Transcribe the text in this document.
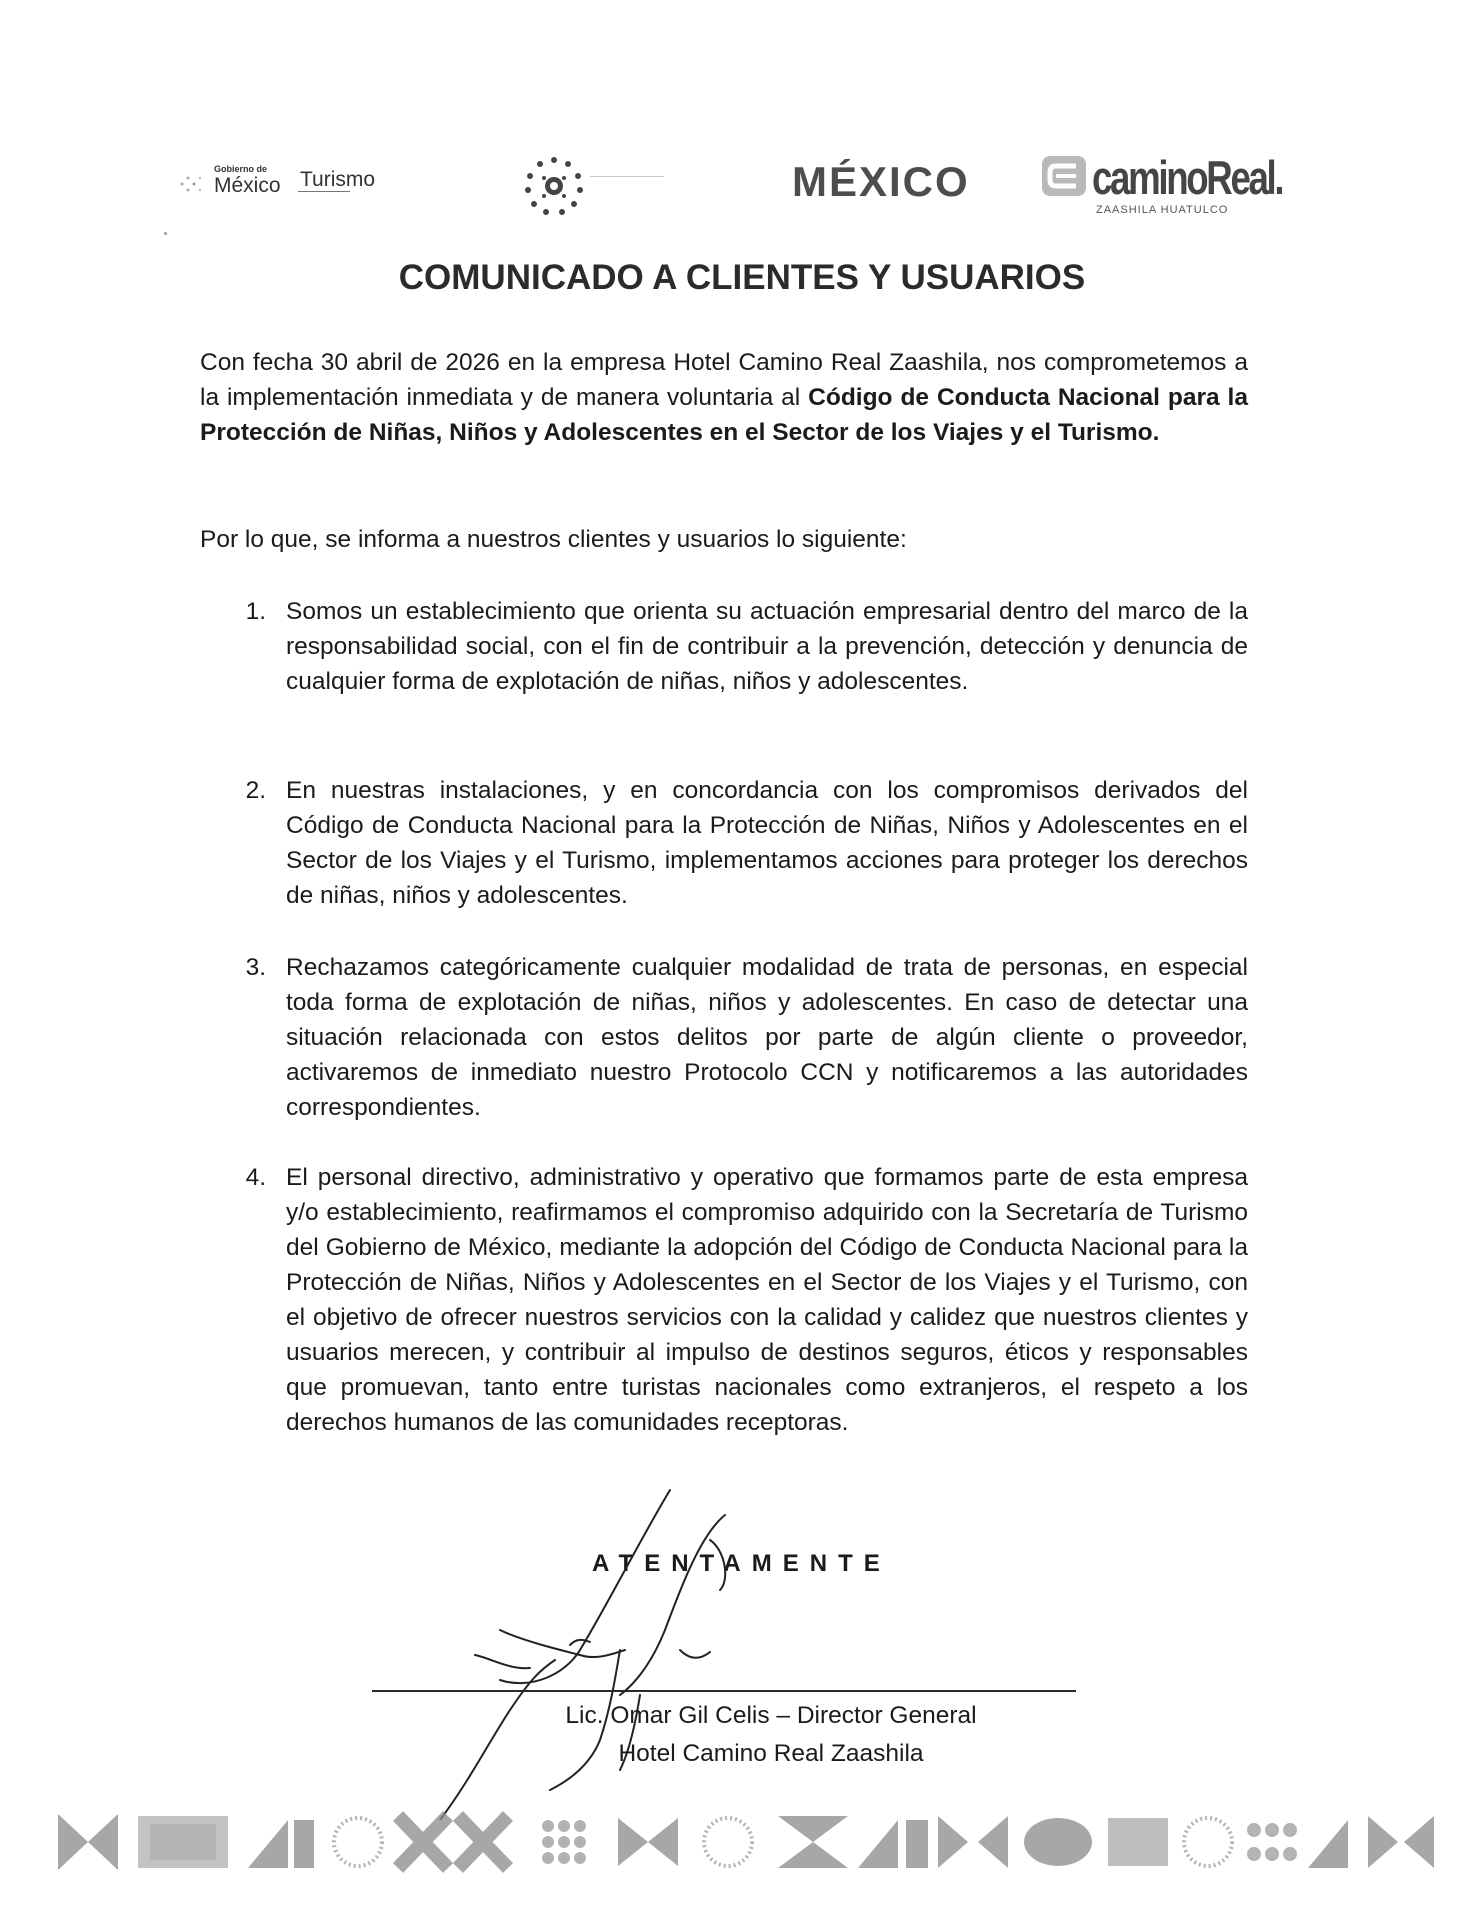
Gobierno de
México Turismo	MÉXICO	caminoReal.
ZAASHILA HUATULCO
COMUNICADO A CLIENTES Y USUARIOS
Con fecha 30 abril de 2026 en la empresa Hotel Camino Real Zaashila, nos comprometemos a la implementación inmediata y de manera voluntaria al Código de Conducta Nacional para la Protección de Niñas, Niños y Adolescentes en el Sector de los Viajes y el Turismo.
Por lo que, se informa a nuestros clientes y usuarios lo siguiente:
1. Somos un establecimiento que orienta su actuación empresarial dentro del marco de la responsabilidad social, con el fin de contribuir a la prevención, detección y denuncia de cualquier forma de explotación de niñas, niños y adolescentes.
2. En nuestras instalaciones, y en concordancia con los compromisos derivados del Código de Conducta Nacional para la Protección de Niñas, Niños y Adolescentes en el Sector de los Viajes y el Turismo, implementamos acciones para proteger los derechos de niñas, niños y adolescentes.
3. Rechazamos categóricamente cualquier modalidad de trata de personas, en especial toda forma de explotación de niñas, niños y adolescentes. En caso de detectar una situación relacionada con estos delitos por parte de algún cliente o proveedor, activaremos de inmediato nuestro Protocolo CCN y notificaremos a las autoridades correspondientes.
4. El personal directivo, administrativo y operativo que formamos parte de esta empresa y/o establecimiento, reafirmamos el compromiso adquirido con la Secretaría de Turismo del Gobierno de México, mediante la adopción del Código de Conducta Nacional para la Protección de Niñas, Niños y Adolescentes en el Sector de los Viajes y el Turismo, con el objetivo de ofrecer nuestros servicios con la calidad y calidez que nuestros clientes y usuarios merecen, y contribuir al impulso de destinos seguros, éticos y responsables que promuevan, tanto entre turistas nacionales como extranjeros, el respeto a los derechos humanos de las comunidades receptoras.
ATENTAMENTE
Lic. Omar Gil Celis – Director General
Hotel Camino Real Zaashila
